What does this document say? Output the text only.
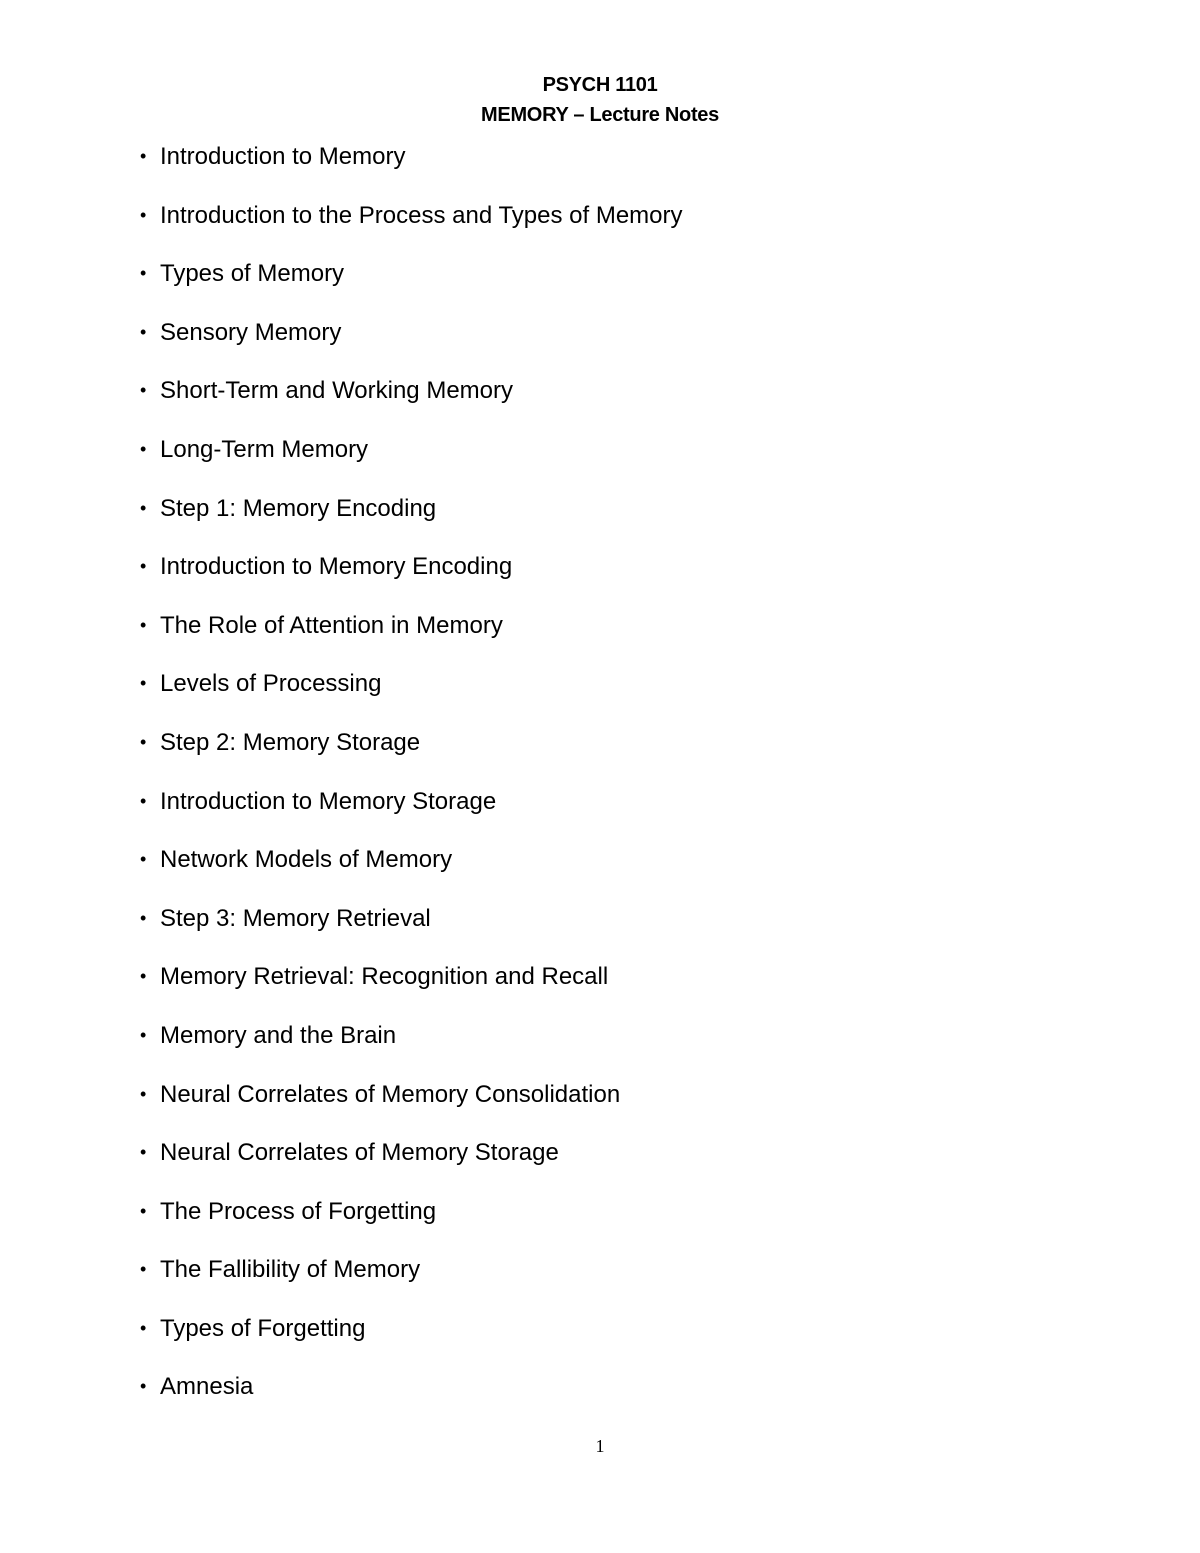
PSYCH 1101
MEMORY – Lecture Notes
• Introduction to Memory
• Introduction to the Process and Types of Memory
• Types of Memory
• Sensory Memory
• Short-Term and Working Memory
• Long-Term Memory
• Step 1: Memory Encoding
• Introduction to Memory Encoding
• The Role of Attention in Memory
• Levels of Processing
• Step 2: Memory Storage
• Introduction to Memory Storage
• Network Models of Memory
• Step 3: Memory Retrieval
• Memory Retrieval: Recognition and Recall
• Memory and the Brain
• Neural Correlates of Memory Consolidation
• Neural Correlates of Memory Storage
• The Process of Forgetting
• The Fallibility of Memory
• Types of Forgetting
• Amnesia
1
